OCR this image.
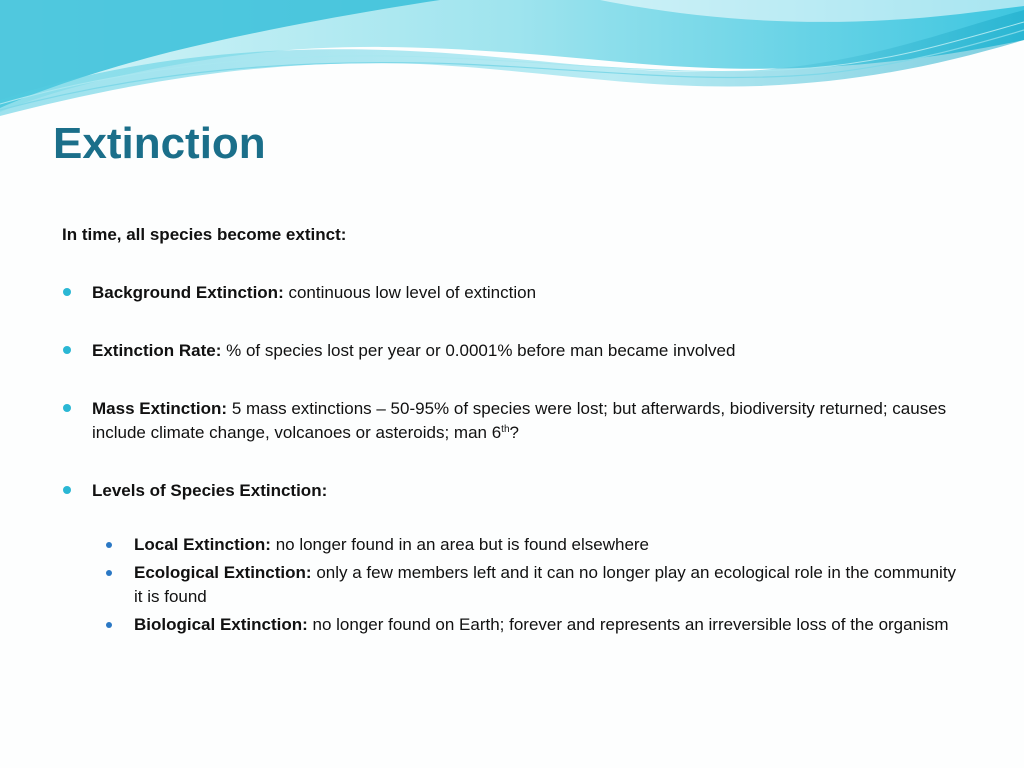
Extinction

In time, all species become extinct:

Background Extinction: continuous low level of extinction
Extinction Rate: % of species lost per year or 0.0001% before man became involved
Mass Extinction: 5 mass extinctions – 50-95% of species were lost; but afterwards, biodiversity returned; causes include climate change, volcanoes or asteroids; man 6th?
Levels of Species Extinction:
Local Extinction: no longer found in an area but is found elsewhere
Ecological Extinction: only a few members left and it can no longer play an ecological role in the community it is found
Biological Extinction: no longer found on Earth; forever and represents an irreversible loss of the organism
